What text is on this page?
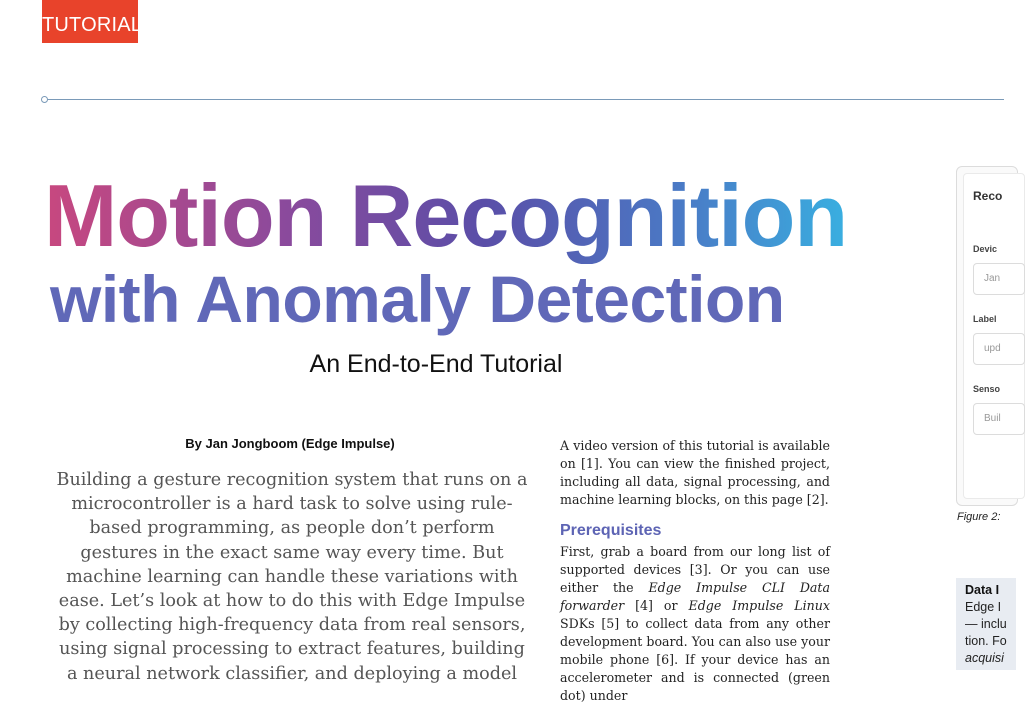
TUTORIAL
Motion Recognition
with Anomaly Detection
An End-to-End Tutorial
By Jan Jongboom (Edge Impulse)
Building a gesture recognition system that runs on a microcontroller is a hard task to solve using rule-based programming, as people don’t perform gestures in the exact same way every time. But machine learning can handle these variations with ease. Let’s look at how to do this with Edge Impulse by collecting high-frequency data from real sensors, using signal processing to extract features, building a neural network classifier, and deploying a model

A video version of this tutorial is available on [1]. You can view the finished project, including all data, signal processing, and machine learning blocks, on this page [2].

Prerequisites

First, grab a board from our long list of supported devices [3]. Or you can use either the Edge Impulse CLI Data forwarder [4] or Edge Impulse Linux SDKs [5] to collect data from any other development board. You can also use your mobile phone [6]. If your device has an accelerometer and is connected (green dot) under

Reco
Devic
Jan
Label
upd
Senso
Buil
Figure 2:
Data I
Edge I
— inclu
tion. Fo
acquisi
